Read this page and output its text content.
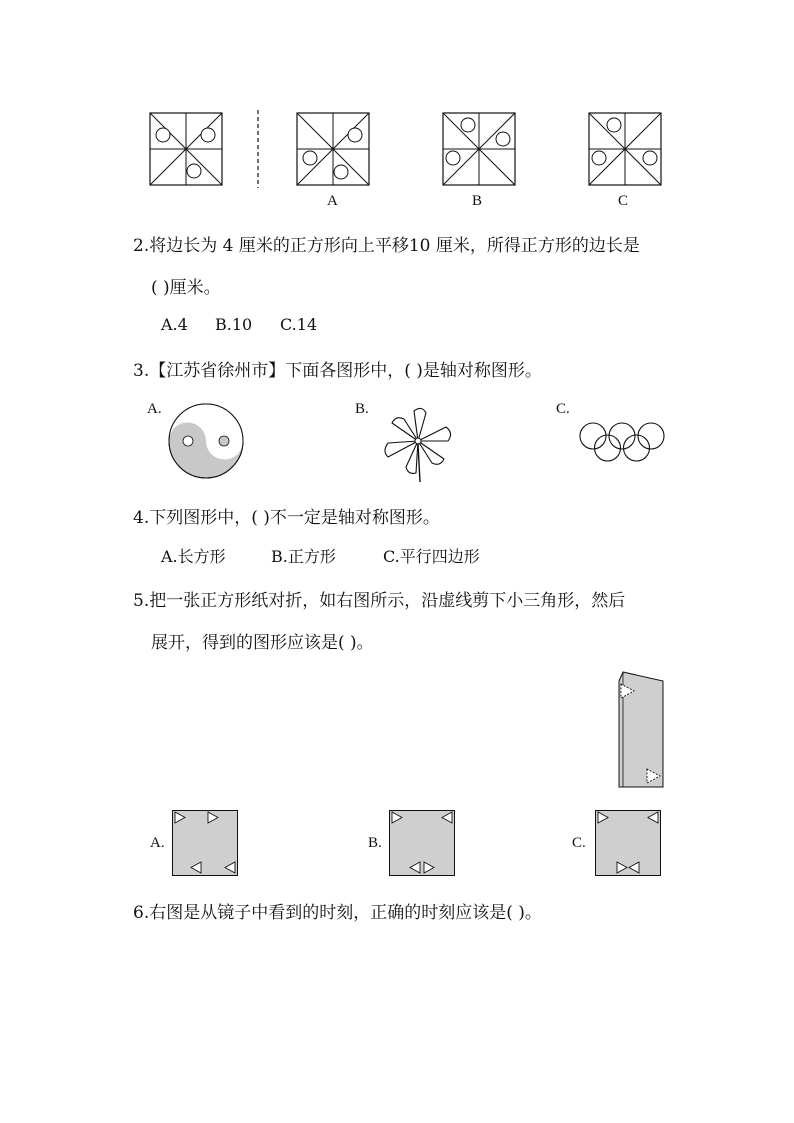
A	B	C
2.将边长为 4 厘米的正方形向上平移10 厘米，所得正方形的边长是
( )厘米。
A.4 B.10 C.14
3.【江苏省徐州市】下面各图形中，( )是轴对称图形。
A.	B.	C.
4.下列图形中，( )不一定是轴对称图形。
A.长方形	B.正方形	C.平行四边形
5.把一张正方形纸对折，如右图所示，沿虚线剪下小三角形，然后
展开，得到的图形应该是( )。
A.	B.	C.
6.右图是从镜子中看到的时刻，正确的时刻应该是( )。
